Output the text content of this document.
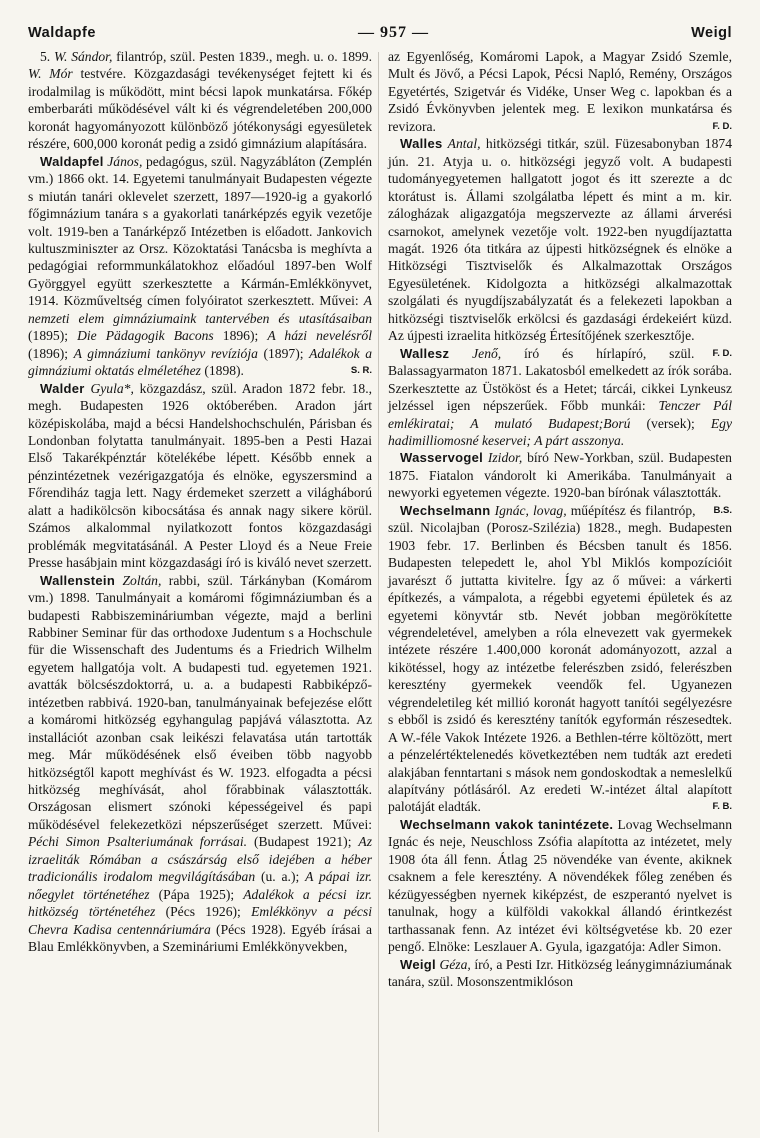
Waldapfe	— 957 —	Weigl

5. W. Sándor, filantróp, szül. Pesten 1839., megh. u. o. 1899. W. Mór testvére. Közgazdasági tevékenységet fejtett ki és irodalmilag is működött, mint bécsi lapok munkatársa. Főkép emberbaráti működésével vált ki és végrendeletében 200,000 koronát hagyományozott különböző jótékonysági egyesületek részére, 600,000 koronát pedig a zsidó gimnázium alapítására.

Waldapfel János, pedagógus, szül. Nagyzábláton (Zemplén vm.) 1866 okt. 14. Egyetemi tanulmányait Budapesten végezte s miután tanári oklevelet szerzett, 1897—1920-ig a gyakorló főgimnázium tanára s a gyakorlati tanárképzés egyik vezetője volt. 1919-ben a Tanárképző Intézetben is előadott. Jankovich kultuszminiszter az Orsz. Közoktatási Tanácsba is meghívta a pedagógiai reformmunkálatokhoz előadóul 1897-ben Wolf Györggyel együtt szerkesztette a Kármán-Emlékkönyvet, 1914. Közműveltség címen folyóiratot szerkesztett. Művei: A nemzeti elem gimnáziumaink tantervében és utasításaiban (1895); Die Pädagogik Bacons 1896); A házi nevelésről (1896); A gimnáziumi tankönyv revíziója (1897); Adalékok a gimnáziumi oktatás elméletéhez (1898).	S. R.

Walder Gyula*, közgazdász, szül. Aradon 1872 febr. 18., megh. Budapesten 1926 októberében. Aradon járt középiskolába, majd a bécsi Handelshochschulén, Párisban és Londonban folytatta tanulmányait. 1895-ben a Pesti Hazai Első Takarékpénztár kötelékébe lépett. Később ennek a pénzintézetnek vezérigazgatója és elnöke, egyszersmind a Főrendiház tagja lett. Nagy érdemeket szerzett a világháború alatt a hadikölcsön kibocsátása és annak nagy sikere körül. Számos alkalommal nyilatkozott fontos közgazdasági problémák megvitatásánál. A Pester Lloyd és a Neue Freie Presse hasábjain mint közgazdasági író is kiváló nevet szerzett.

Wallenstein Zoltán, rabbi, szül. Tárkányban (Komárom vm.) 1898. Tanulmányait a komáromi főgimnáziumban és a budapesti Rabbiszemináriumban végezte, majd a berlini Rabbiner Seminar für das orthodoxe Judentum s a Hochschule für die Wissenschaft des Judentums és a Friedrich Wilhelm egyetem hallgatója volt. A budapesti tud. egyetemen 1921. avatták bölcsészdoktorrá, u. a. a budapesti Rabbiképző-intézetben rabbivá. 1920-ban, tanulmányainak befejezése előtt a komáromi hitközség egyhangulag papjává választotta. Az installációt azonban csak leikészi felavatása után tartották meg. Már működésének első éveiben több nagyobb hitközségtől kapott meghívást és W. 1923. elfogadta a pécsi hitközség meghívását, ahol főrabbinak választották. Országosan elismert szónoki képességeivel és papi működésével felekezetközi népszerűséget szerzett. Művei: Péchi Simon Psalteriumának forrásai. (Budapest 1921); Az izraeliták Rómában a császárság első idejében a héber tradicionális irodalom megvilágításában (u. a.); A pápai izr. nőegylet történetéhez (Pápa 1925); Adalékok a pécsi izr. hitközség történetéhez (Pécs 1926); Emlékkönyv a pécsi Chevra Kadisa centennáriumára (Pécs 1928). Egyéb írásai a Blau Emlékkönyvben, a Szemináriumi Emlékkönyvekben,

az Egyenlőség, Komáromi Lapok, a Magyar Zsidó Szemle, Mult és Jövő, a Pécsi Lapok, Pécsi Napló, Remény, Országos Egyetértés, Szigetvár és Vidéke, Unser Weg c. lapokban és a Zsidó Évkönyvben jelentek meg. E lexikon munkatársa és revizora.	F. D.

Walles Antal, hitközségi titkár, szül. Füzesabonyban 1874 jún. 21. Atyja u. o. hitközségi jegyző volt. A budapesti tudományegyetemen hallgatott jogot és itt szerezte a dc ktorátust is. Állami szolgálatba lépett és mint a m. kir. zálogházak aligazgatója megszervezte az állami árverési csarnokot, amelynek vezetője volt. 1922-ben nyugdíjaztatta magát. 1926 óta titkára az újpesti hitközségnek és elnöke a Hitközségi Tisztviselők és Alkalmazottak Országos Egyesületének. Kidolgozta a hitközségi alkalmazottak szolgálati és nyugdíjszabályzatát és a felekezeti lapokban a hitközségi tisztviselők erkölcsi és gazdasági érdekeiért küzd. Az újpesti izraelita hitközség Értesítőjének szerkesztője.
F. D.

Wallesz Jenő, író és hírlapíró, szül. Balassagyarmaton 1871. Lakatosból emelkedett az írók sorába. Szerkesztette az Üstököst és a Hetet; tárcái, cikkei Lynkeusz jelzéssel igen népszerűek. Főbb munkái: Tenczer Pál emlékiratai; A mulató Budapest;Ború (versek); Egy hadimilliomosné keservei; A párt asszonya.

Wasservogel Izidor, bíró New-Yorkban, szül. Budapesten 1875. Fiatalon vándorolt ki Amerikába. Tanulmányait a newyorki egyetemen végezte. 1920-ban bírónak választották.
B.S.

Wechselmann Ignác, lovag, műépítész és filantróp, szül. Nicolajban (Porosz-Szilézia) 1828., megh. Budapesten 1903 febr. 17. Berlinben és Bécsben tanult és 1856. Budapesten telepedett le, ahol Ybl Miklós kompozícióit javarészt ő juttatta kivitelre. Így az ő művei: a várkerti építkezés, a vámpalota, a régebbi egyetemi épületek és az egyetemi könyvtár stb. Nevét jobban megörökítette végrendeletével, amelyben a róla elnevezett vak gyermekek intézete részére 1.400,000 koronát adományozott, azzal a kikötéssel, hogy az intézetbe felerészben zsidó, felerészben keresztény gyermekek veendők fel. Ugyanezen végrendeletileg két millió koronát hagyott tanítói segélyezésre s ebből is zsidó és keresztény tanítók egyformán részesedtek. A W.-féle Vakok Intézete 1926. a Bethlen-térre költözött, mert a pénzelértéktelenedés következtében nem tudták azt eredeti alakjában fenntartani s mások nem gondoskodtak a nemeslelkű alapítvány pótlásáról. Az eredeti W.-intézet által alapított palotáját eladták.	F. B.

Wechselmann vakok tanintézete. Lovag Wechselmann Ignác és neje, Neuschloss Zsófia alapította az intézetet, mely 1908 óta áll fenn. Átlag 25 növendéke van évente, akiknek csaknem a fele keresztény. A növendékek főleg zenében és kézügyességben nyernek kiképzést, de eszperantó nyelvet is tanulnak, hogy a külföldi vakokkal állandó érintkezést tarthassanak fenn. Az intézet évi költségvetése kb. 20 ezer pengő. Elnöke: Leszlauer A. Gyula, igazgatója: Adler Simon.

Weigl Géza, író, a Pesti Izr. Hitközség leánygimnáziumának tanára, szül. Mosonszentmiklóson
